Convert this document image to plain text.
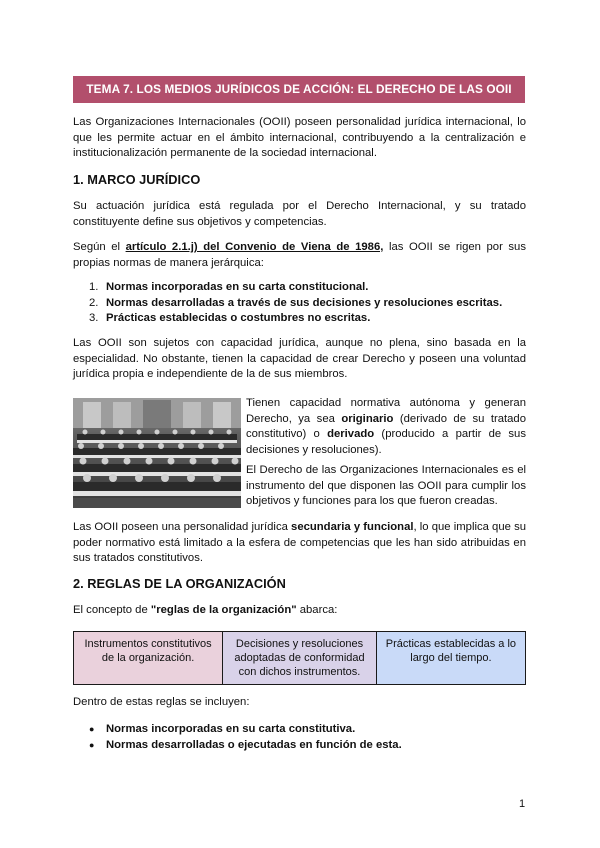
TEMA 7. LOS MEDIOS JURÍDICOS DE ACCIÓN: EL DERECHO DE LAS OOII

Las Organizaciones Internacionales (OOII) poseen personalidad jurídica internacional, lo que les permite actuar en el ámbito internacional, contribuyendo a la centralización e institucionalización permanente de la sociedad internacional.

1. MARCO JURÍDICO

Su actuación jurídica está regulada por el Derecho Internacional, y su tratado constituyente define sus objetivos y competencias.

Según el artículo 2.1.j) del Convenio de Viena de 1986, las OOII se rigen por sus propias normas de manera jerárquica:

1. Normas incorporadas en su carta constitucional.
2. Normas desarrolladas a través de sus decisiones y resoluciones escritas.
3. Prácticas establecidas o costumbres no escritas.

Las OOII son sujetos con capacidad jurídica, aunque no plena, sino basada en la especialidad. No obstante, tienen la capacidad de crear Derecho y poseen una voluntad jurídica propia e independiente de la de sus miembros.

Tienen capacidad normativa autónoma y generan Derecho, ya sea originario (derivado de su tratado constitutivo) o derivado (producido a partir de sus decisiones y resoluciones).

El Derecho de las Organizaciones Internacionales es el instrumento del que disponen las OOII para cumplir los objetivos y funciones para los que fueron creadas.

Las OOII poseen una personalidad jurídica secundaria y funcional, lo que implica que su poder normativo está limitado a la esfera de competencias que les han sido atribuidas en sus tratados constitutivos.

2. REGLAS DE LA ORGANIZACIÓN

El concepto de "reglas de la organización" abarca:

Instrumentos constitutivos de la organización.	Decisiones y resoluciones adoptadas de conformidad con dichos instrumentos.	Prácticas establecidas a lo largo del tiempo.

Dentro de estas reglas se incluyen:

●	Normas incorporadas en su carta constitutiva.
●	Normas desarrolladas o ejecutadas en función de esta.
1
